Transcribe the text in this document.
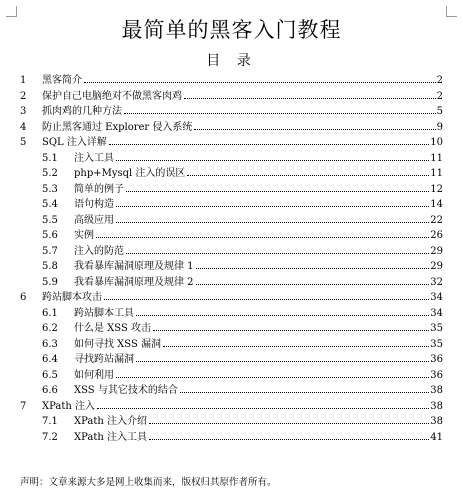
最简单的黑客入门教程
目 录
1 黑客简介	2
2 保护自己电脑绝对不做黑客肉鸡	2
3 抓肉鸡的几种方法	5
4 防止黑客通过 Explorer 侵入系统	9
5 SQL 注入详解	10
5.1 注入工具	11
5.2 php+Mysql 注入的误区	11
5.3 简单的例子	12
5.4 语句构造	14
5.5 高级应用	22
5.6 实例	26
5.7 注入的防范	29
5.8 我看暴库漏洞原理及规律 1	29
5.9 我看暴库漏洞原理及规律 2	32
6 跨站脚本攻击	34
6.1 跨站脚本工具	34
6.2 什么是 XSS 攻击	35
6.3 如何寻找 XSS 漏洞	35
6.4 寻找跨站漏洞	36
6.5 如何利用	36
6.6 XSS 与其它技术的结合	38
7 XPath 注入	38
7.1 XPath 注入介绍	38
7.2 XPath 注入工具	41
声明：文章来源大多是网上收集而来，版权归其原作者所有。
